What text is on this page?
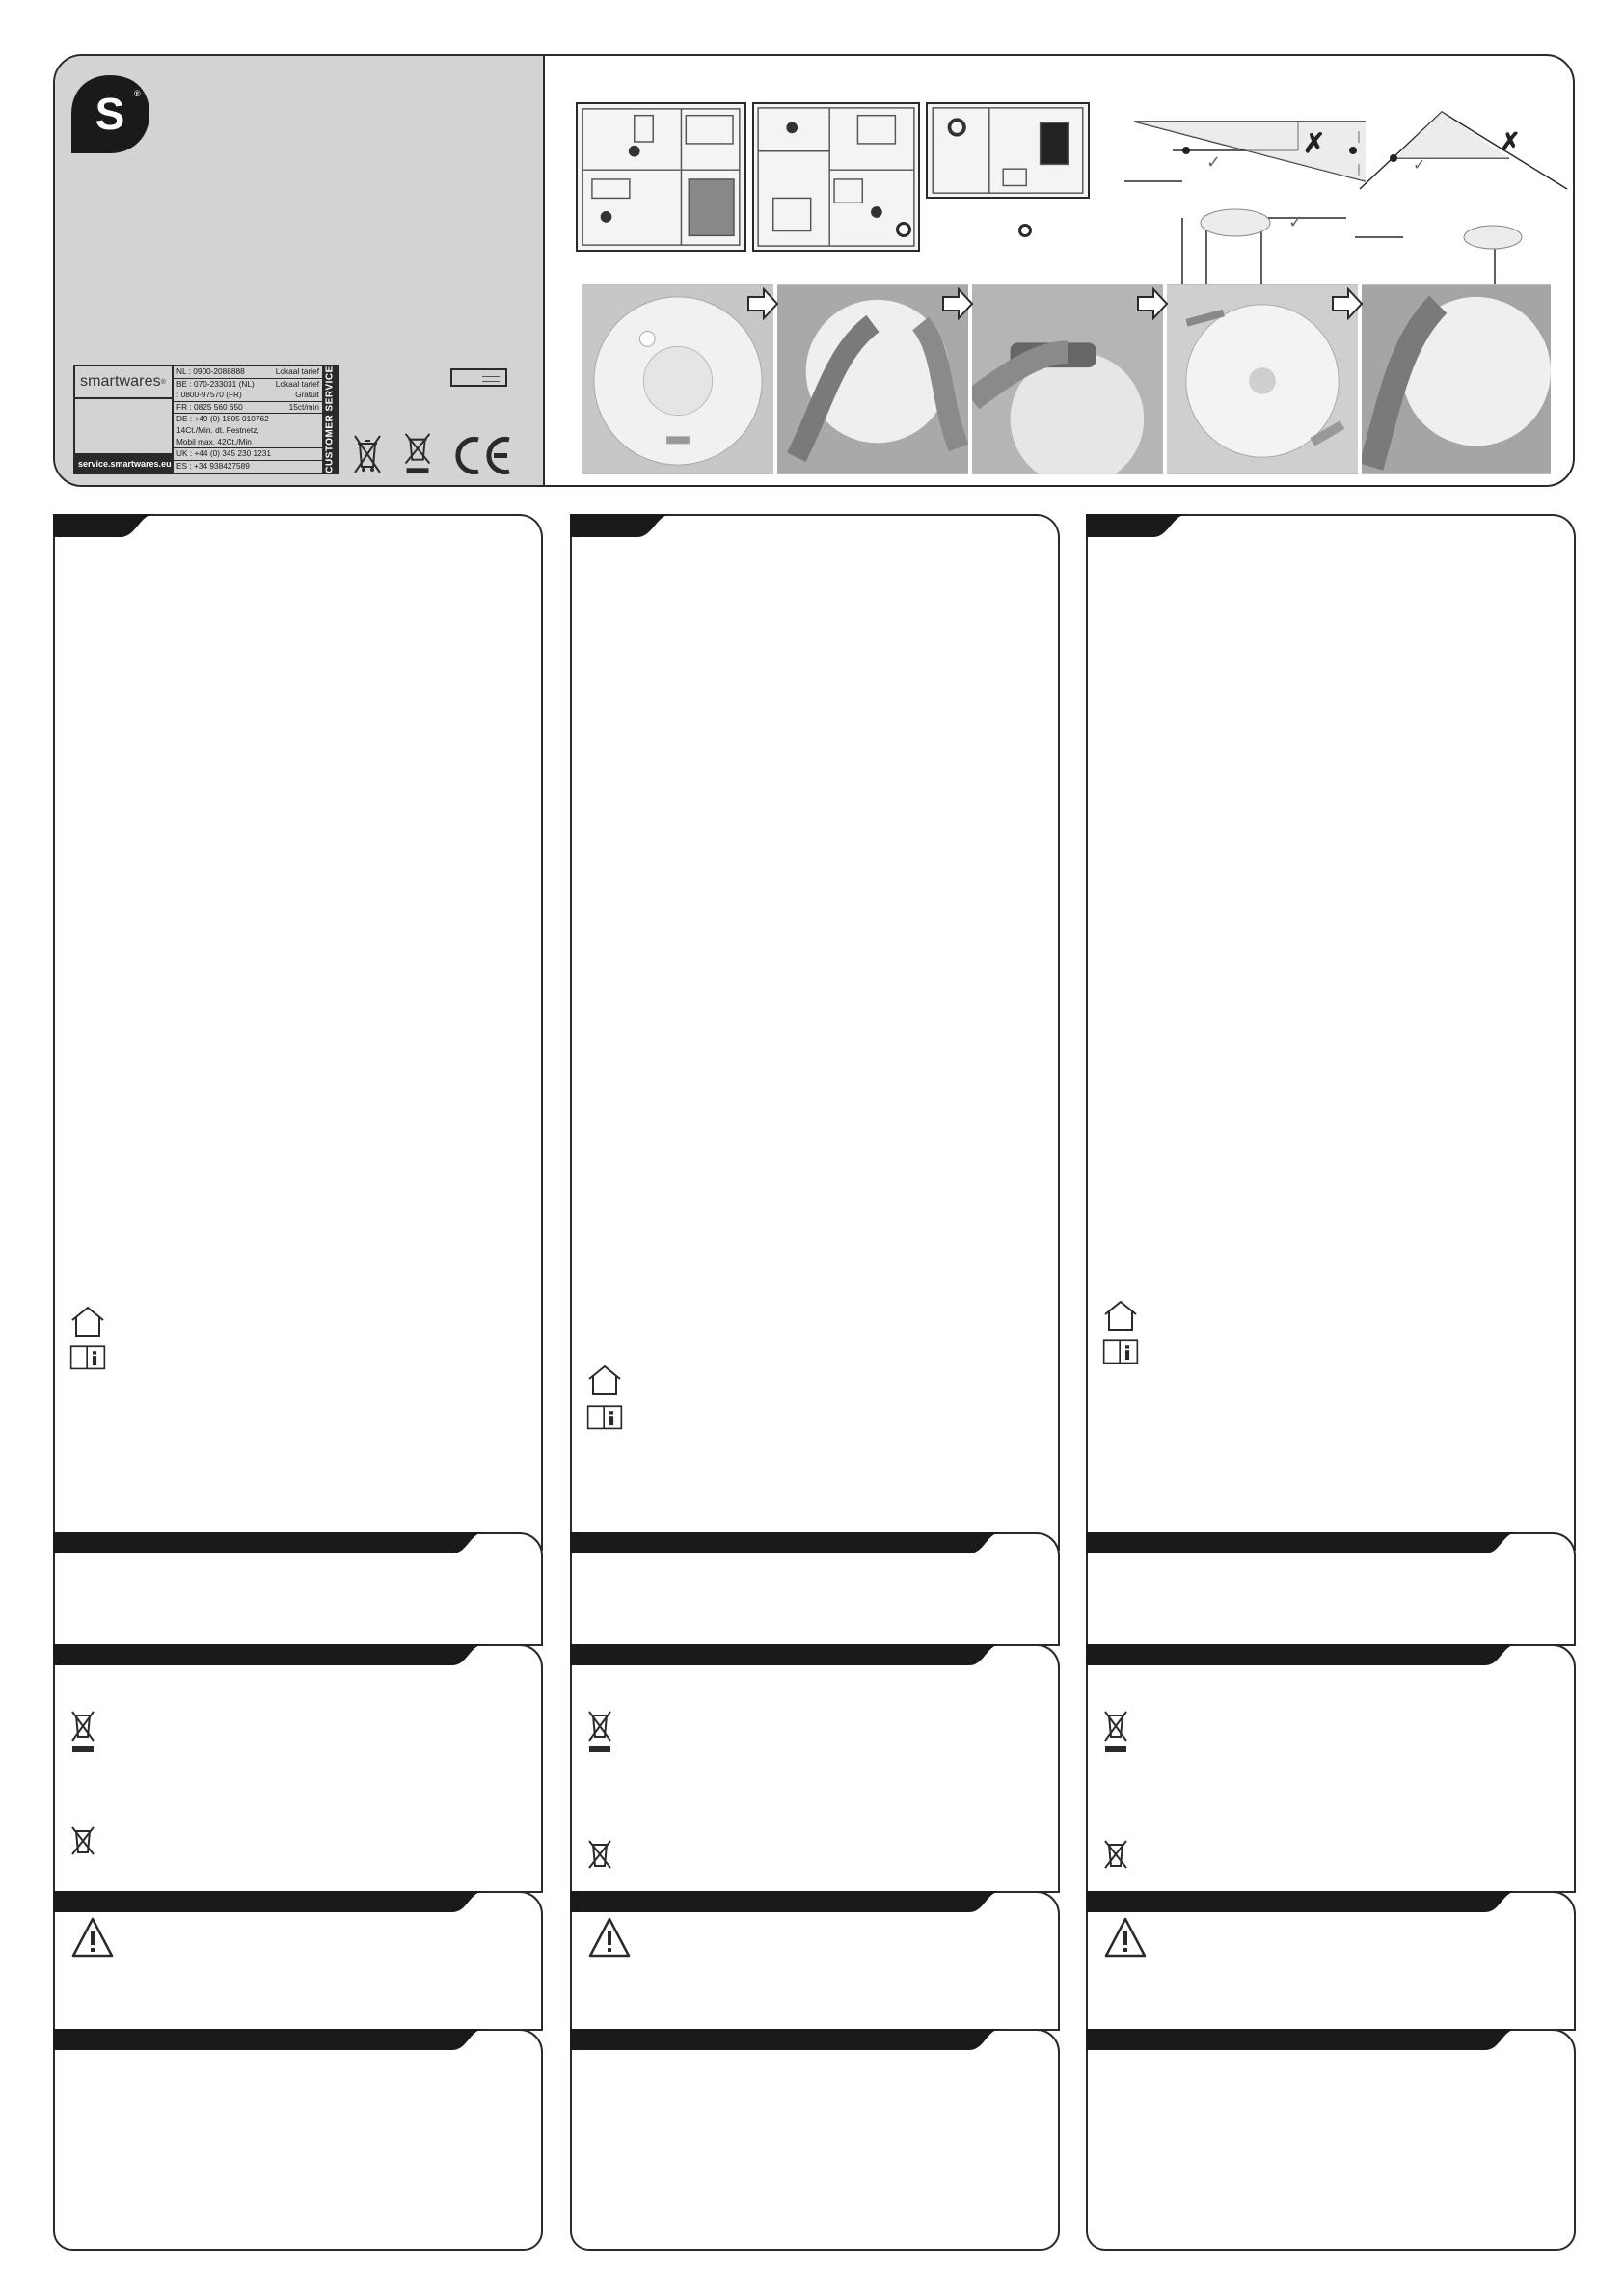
S ®
smartwares ®
service.smartwares.eu
NL : 0900-2088888	Lokaal tarief
BE : 070-233031 (NL)	Lokaal tarief
: 0800-97570 (FR)	Gratuit
FR : 0825 560 650	15ct/min
DE : +49 (0) 1805 010762
14Ct./Min. dt. Festnetz,
Mobil max. 42Ct./Min
UK : +44 (0) 345 230 1231
ES : +34 938427589	CUSTOMER SERVICE
✗
✓
✓
✗
✓
